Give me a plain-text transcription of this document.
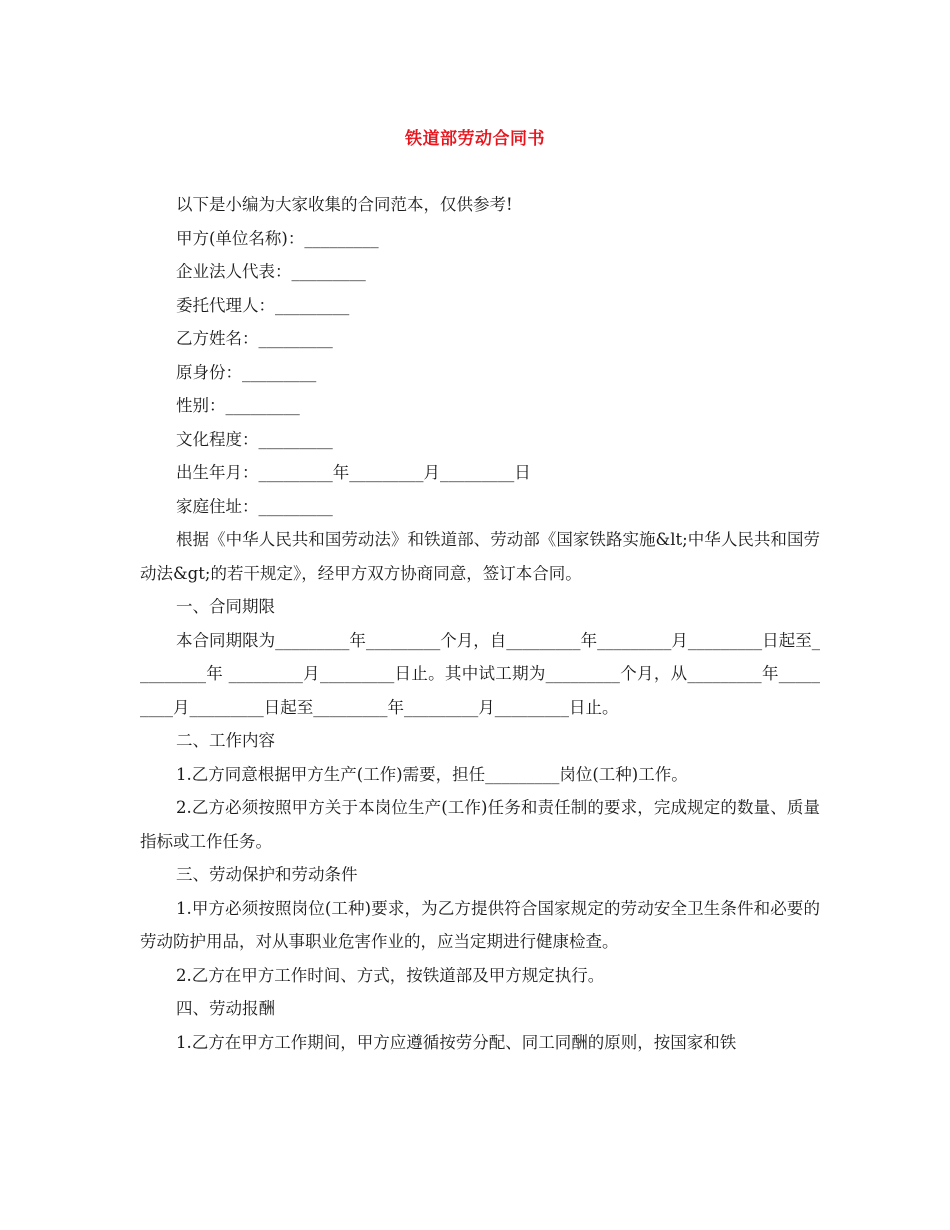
铁道部劳动合同书

以下是小编为大家收集的合同范本，仅供参考!

甲方(单位名称)：_________

企业法人代表：_________

委托代理人：_________

乙方姓名：_________

原身份：_________

性别：_________

文化程度：_________

出生年月：_________年_________月_________日

家庭住址：_________

根据《中华人民共和国劳动法》和铁道部、劳动部《国家铁路实施&lt;中华人民共和国劳动法&gt;的若干规定》，经甲方双方协商同意，签订本合同。

一、合同期限

本合同期限为_________年_________个月，自_________年_________月_________日起至_________年 _________月_________日止。其中试工期为_________个月，从_________年_________月_________日起至_________年_________月_________日止。

二、工作内容

1.乙方同意根据甲方生产(工作)需要，担任_________岗位(工种)工作。

2.乙方必须按照甲方关于本岗位生产(工作)任务和责任制的要求，完成规定的数量、质量指标或工作任务。

三、劳动保护和劳动条件

1.甲方必须按照岗位(工种)要求，为乙方提供符合国家规定的劳动安全卫生条件和必要的劳动防护用品，对从事职业危害作业的，应当定期进行健康检查。

2.乙方在甲方工作时间、方式，按铁道部及甲方规定执行。

四、劳动报酬

1.乙方在甲方工作期间，甲方应遵循按劳分配、同工同酬的原则，按国家和铁
